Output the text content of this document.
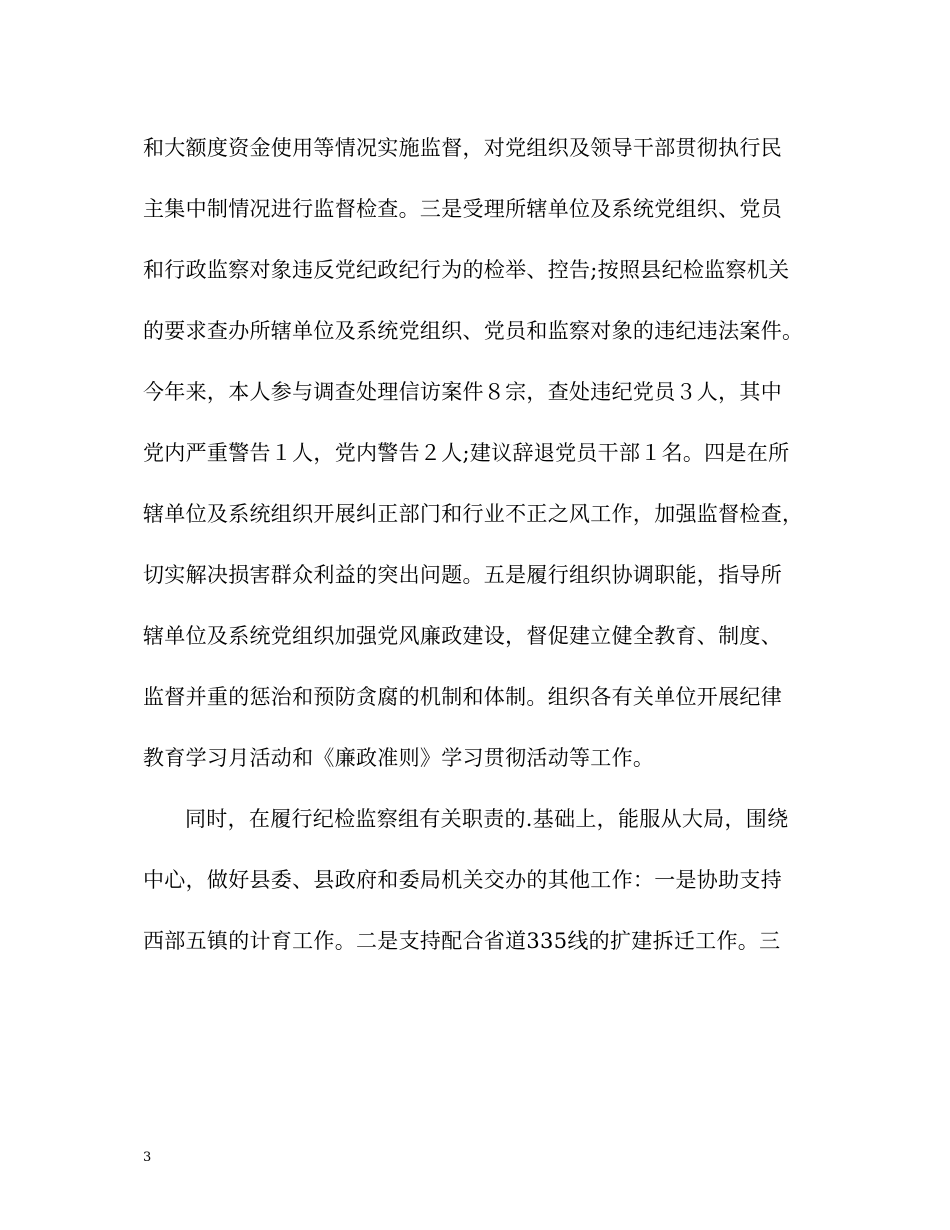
和大额度资金使用等情况实施监督，对党组织及领导干部贯彻执行民
主集中制情况进行监督检查。三是受理所辖单位及系统党组织、党员
和行政监察对象违反党纪政纪行为的检举、控告;按照县纪检监察机关
的要求查办所辖单位及系统党组织、党员和监察对象的违纪违法案件。
今年来，本人参与调查处理信访案件８宗，查处违纪党员３人，其中
党内严重警告１人，党内警告２人;建议辞退党员干部１名。四是在所
辖单位及系统组织开展纠正部门和行业不正之风工作，加强监督检查，
切实解决损害群众利益的突出问题。五是履行组织协调职能，指导所
辖单位及系统党组织加强党风廉政建设，督促建立健全教育、制度、
监督并重的惩治和预防贪腐的机制和体制。组织各有关单位开展纪律
教育学习月活动和《廉政准则》学习贯彻活动等工作。
同时，在履行纪检监察组有关职责的.基础上，能服从大局，围绕
中心，做好县委、县政府和委局机关交办的其他工作：一是协助支持
西部五镇的计育工作。二是支持配合省道335线的扩建拆迁工作。三
3
